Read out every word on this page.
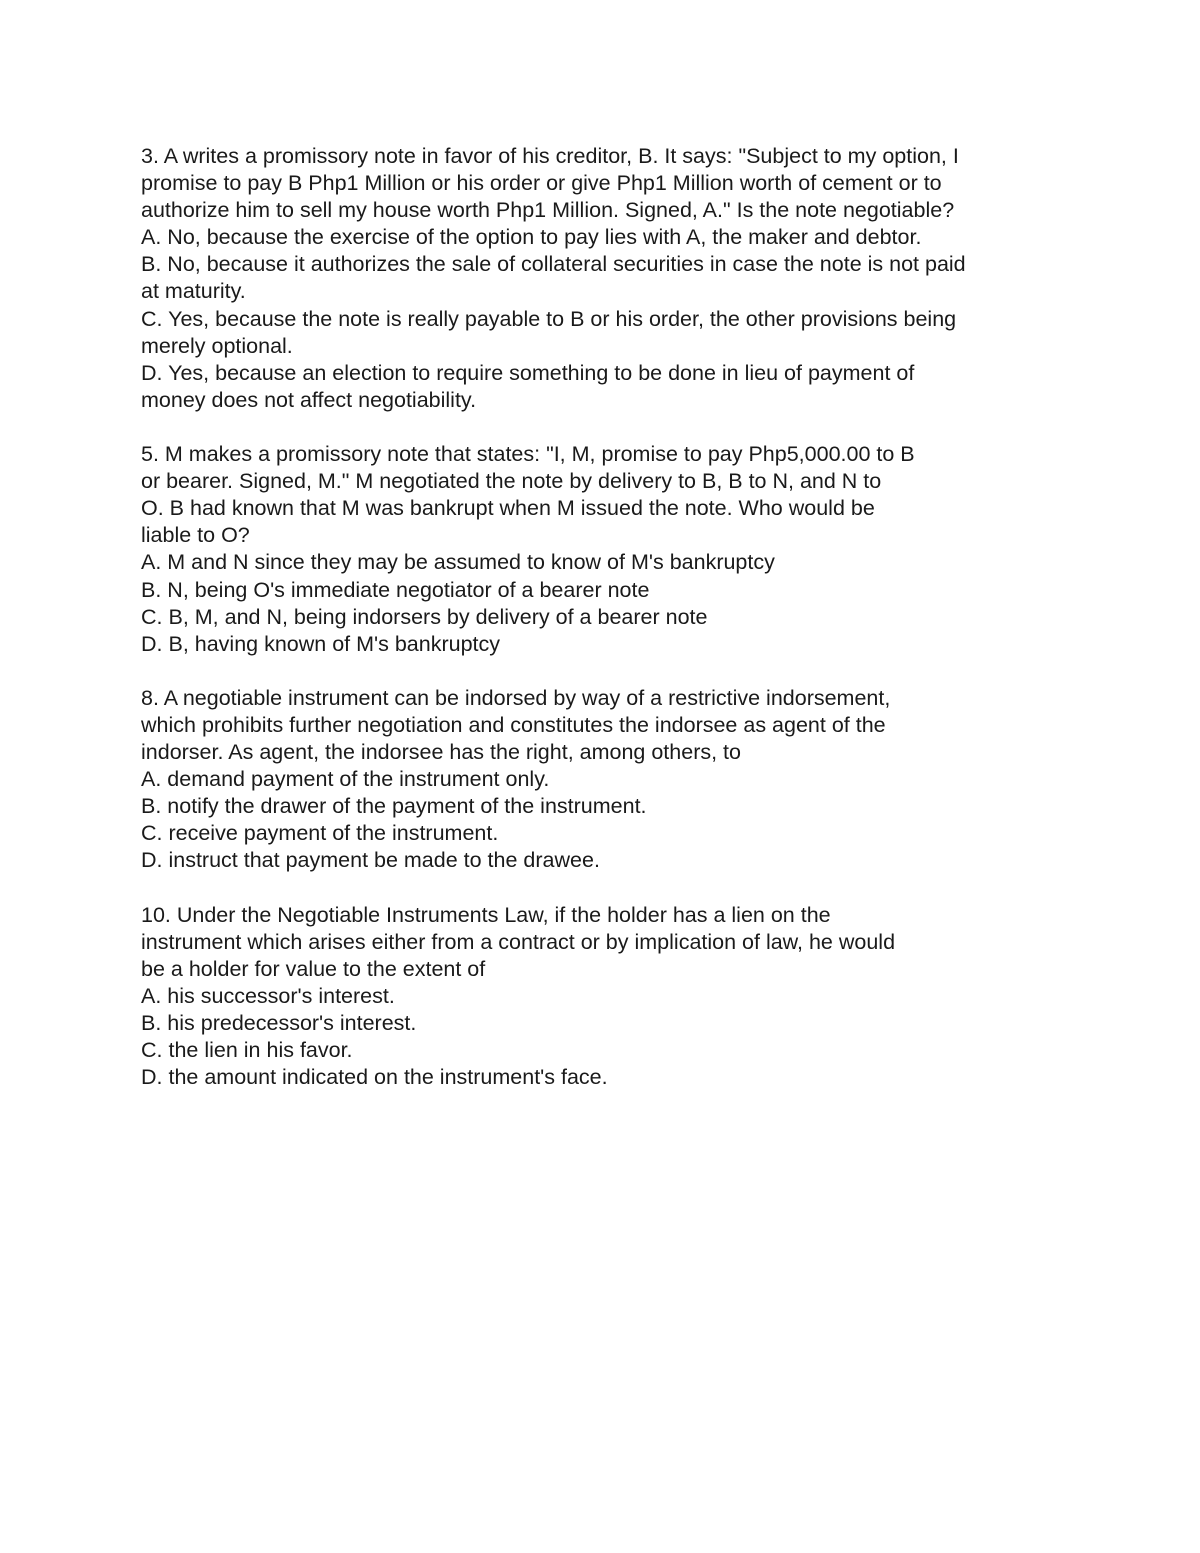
3. A writes a promissory note in favor of his creditor, B. It says: "Subject to my option, I
promise to pay B Php1 Million or his order or give Php1 Million worth of cement or to
authorize him to sell my house worth Php1 Million. Signed, A." Is the note negotiable?
A. No, because the exercise of the option to pay lies with A, the maker and debtor.
B. No, because it authorizes the sale of collateral securities in case the note is not paid
at maturity.
C. Yes, because the note is really payable to B or his order, the other provisions being
merely optional.
D. Yes, because an election to require something to be done in lieu of payment of
money does not affect negotiability.
5. M makes a promissory note that states: "I, M, promise to pay Php5,000.00 to B
or bearer. Signed, M." M negotiated the note by delivery to B, B to N, and N to
O. B had known that M was bankrupt when M issued the note. Who would be
liable to O?
A. M and N since they may be assumed to know of M's bankruptcy
B. N, being O's immediate negotiator of a bearer note
C. B, M, and N, being indorsers by delivery of a bearer note
D. B, having known of M's bankruptcy
8. A negotiable instrument can be indorsed by way of a restrictive indorsement,
which prohibits further negotiation and constitutes the indorsee as agent of the
indorser. As agent, the indorsee has the right, among others, to
A. demand payment of the instrument only.
B. notify the drawer of the payment of the instrument.
C. receive payment of the instrument.
D. instruct that payment be made to the drawee.
10. Under the Negotiable Instruments Law, if the holder has a lien on the
instrument which arises either from a contract or by implication of law, he would
be a holder for value to the extent of
A. his successor's interest.
B. his predecessor's interest.
C. the lien in his favor.
D. the amount indicated on the instrument's face.
